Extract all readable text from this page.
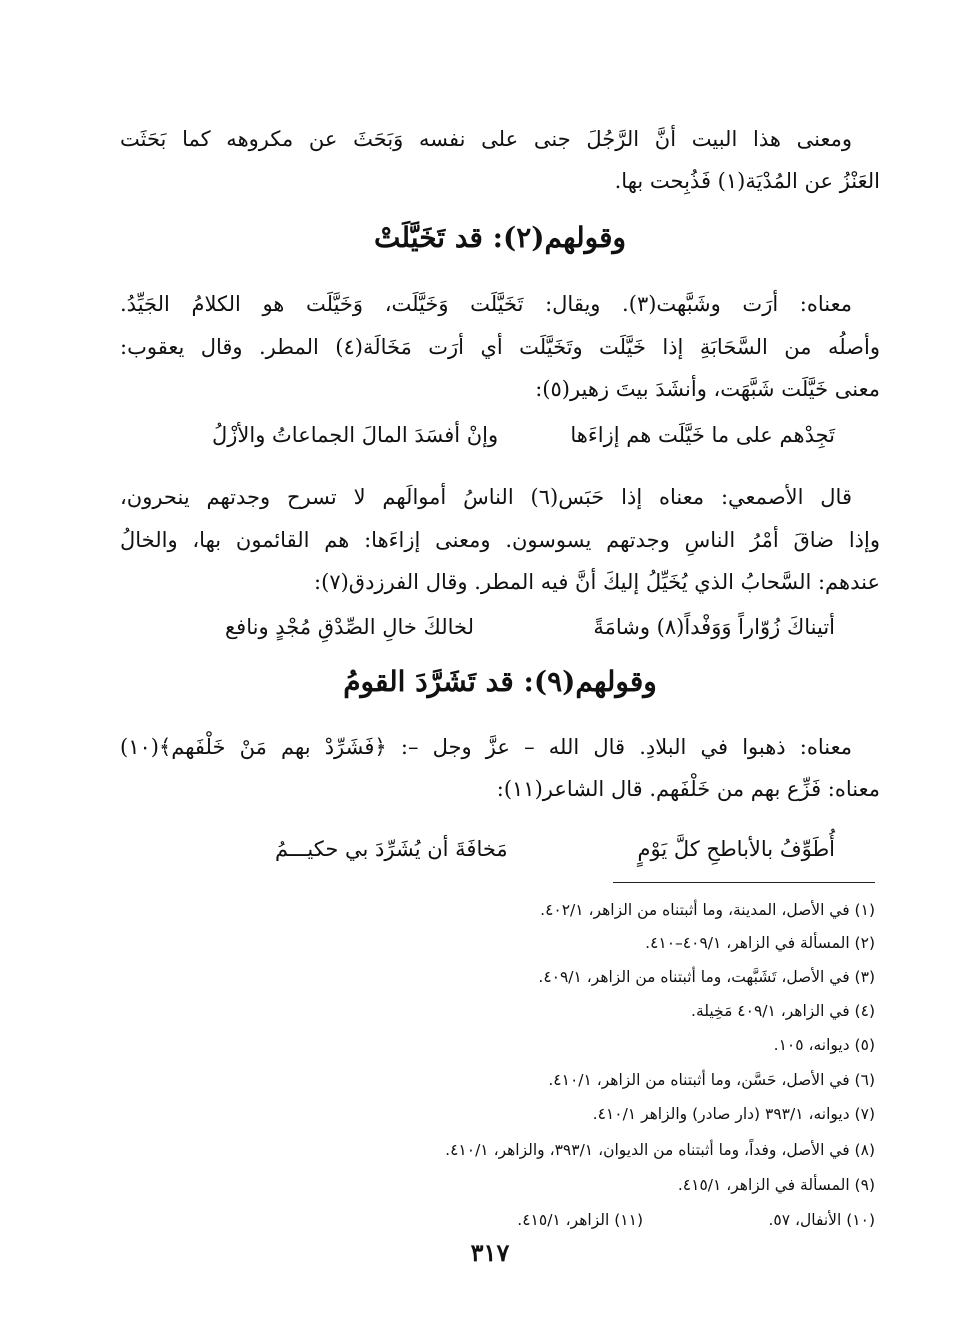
ومعنى هذا البيت أنَّ الرَّجُلَ جنى على نفسه وَبَحَثَ عن مكروهه كما بَحَثَت
العَنْزُ عن المُدْيَة(١) فَذُبِحت بها.
وقولهم(٢): قد تَخَيَّلَتْ
معناه: أرَت وشَبَّهت(٣). ويقال: تَخَيَّلَت وَخَيَّلَت، وَخَيَّلَت هو الكلامُ الجَيِّدُ.
وأصلُه من السَّحَابَةِ إذا خَيَّلَت وتَخَيَّلَت أي أرَت مَخَالَة(٤) المطر. وقال يعقوب:
معنى خَيَّلَت شَبَّهَت، وأنشَدَ بيتَ زهير(٥):
تَجِدْهم على ما خَيَّلَت هم إزاءَها
وإنْ أفسَدَ المالَ الجماعاتُ والأزْلُ
قال الأصمعي: معناه إذا حَبَس(٦) الناسُ أموالَهم لا تسرح وجدتهم ينحرون،
وإذا ضاقَ أمْرُ الناسِ وجدتهم يسوسون. ومعنى إزاءَها: هم القائمون بها، والخالُ
عندهم: السَّحابُ الذي يُخَيِّلُ إليكَ أنَّ فيه المطر. وقال الفرزدق(٧):
أتيناكَ زُوّاراً وَوَفْداً(٨) وشامَةً
لخالكَ خالِ الصِّدْقِ مُجْدٍ ونافع
وقولهم(٩): قد تَشَرَّدَ القومُ
معناه: ذهبوا في البلادِ. قال الله – عزَّ وجل –: ﴿فَشَرِّدْ بهم مَنْ خَلْفَهم﴾(١٠)
معناه: فَزِّع بهم من خَلْفَهم. قال الشاعر(١١):
أُطَوِّفُ بالأباطحِ كلَّ يَوْمٍ
مَخافَةَ أن يُشَرِّدَ بي حكيـــمُ
(١) في الأصل، المدينة، وما أثبتناه من الزاهر، ٤٠٢/١.
(٢) المسألة في الزاهر، ٤٠٩/١–٤١٠.
(٣) في الأصل، تَشَبَّهت، وما أثبتناه من الزاهر، ٤٠٩/١.
(٤) في الزاهر، ٤٠٩/١ مَخِيلة.
(٥) ديوانه، ١٠٥.
(٦) في الأصل، حَسَّن، وما أثبتناه من الزاهر، ٤١٠/١.
(٧) ديوانه، ٣٩٣/١ (دار صادر) والزاهر ٤١٠/١.
(٨) في الأصل، وفداً، وما أثبتناه من الديوان، ٣٩٣/١، والزاهر، ٤١٠/١.
(٩) المسألة في الزاهر، ٤١٥/١.
(١٠) الأنفال، ٥٧.
(١١) الزاهر، ٤١٥/١.
٣١٧
